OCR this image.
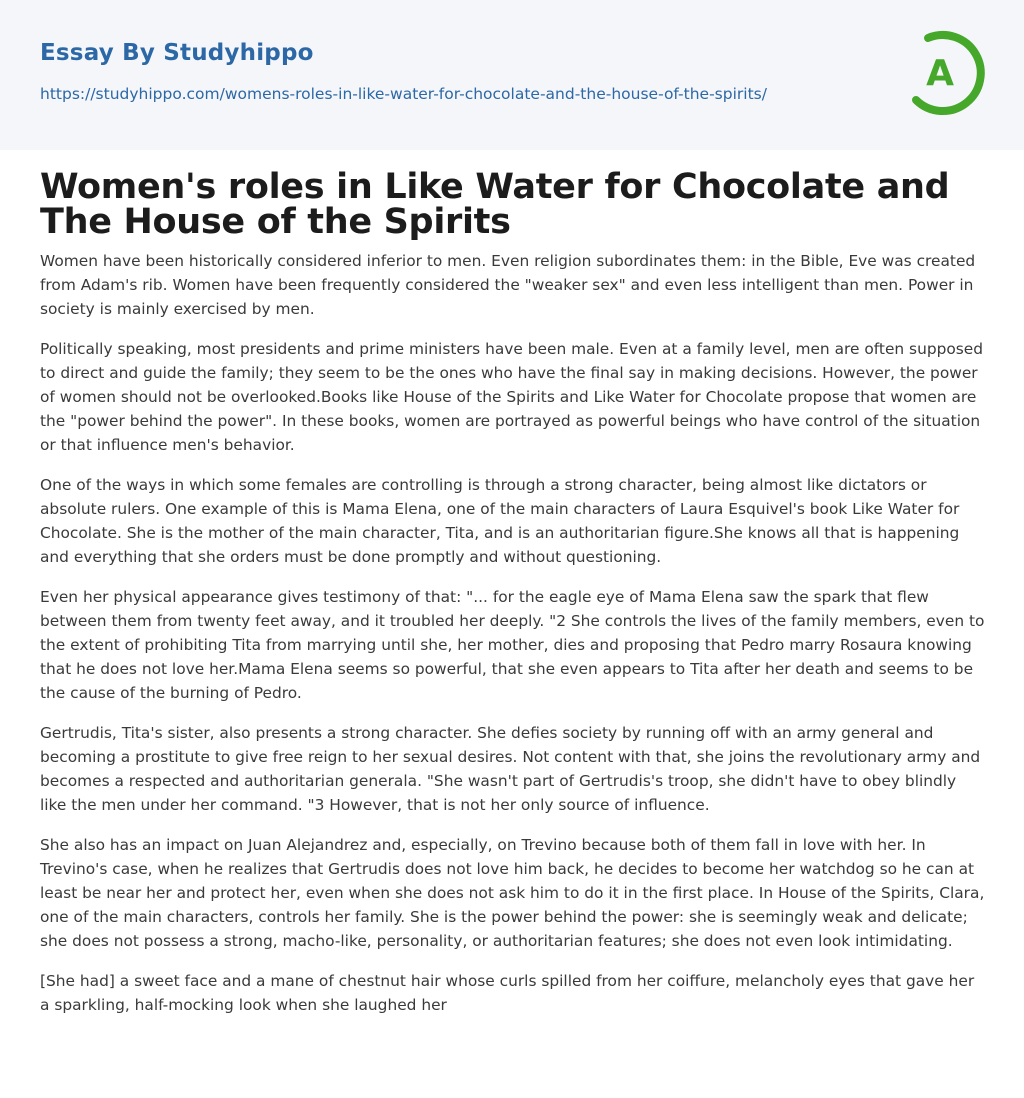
Essay By Studyhippo
https://studyhippo.com/womens-roles-in-like-water-for-chocolate-and-the-house-of-the-spirits/	A
Women's roles in Like Water for Chocolate and The House of the Spirits

Women have been historically considered inferior to men. Even religion subordinates them: in the Bible, Eve was created from Adam's rib. Women have been frequently considered the "weaker sex" and even less intelligent than men. Power in society is mainly exercised by men.

Politically speaking, most presidents and prime ministers have been male. Even at a family level, men are often supposed to direct and guide the family; they seem to be the ones who have the final say in making decisions. However, the power of women should not be overlooked.Books like House of the Spirits and Like Water for Chocolate propose that women are the "power behind the power". In these books, women are portrayed as powerful beings who have control of the situation or that influence men's behavior.

One of the ways in which some females are controlling is through a strong character, being almost like dictators or absolute rulers. One example of this is Mama Elena, one of the main characters of Laura Esquivel's book Like Water for Chocolate. She is the mother of the main character, Tita, and is an authoritarian figure.She knows all that is happening and everything that she orders must be done promptly and without questioning.

Even her physical appearance gives testimony of that: "... for the eagle eye of Mama Elena saw the spark that flew between them from twenty feet away, and it troubled her deeply. "2 She controls the lives of the family members, even to the extent of prohibiting Tita from marrying until she, her mother, dies and proposing that Pedro marry Rosaura knowing that he does not love her.Mama Elena seems so powerful, that she even appears to Tita after her death and seems to be the cause of the burning of Pedro.

Gertrudis, Tita's sister, also presents a strong character. She defies society by running off with an army general and becoming a prostitute to give free reign to her sexual desires. Not content with that, she joins the revolutionary army and becomes a respected and authoritarian generala. "She wasn't part of Gertrudis's troop, she didn't have to obey blindly like the men under her command. "3 However, that is not her only source of influence.

She also has an impact on Juan Alejandrez and, especially, on Trevino because both of them fall in love with her. In Trevino's case, when he realizes that Gertrudis does not love him back, he decides to become her watchdog so he can at least be near her and protect her, even when she does not ask him to do it in the first place. In House of the Spirits, Clara, one of the main characters, controls her family. She is the power behind the power: she is seemingly weak and delicate; she does not possess a strong, macho-like, personality, or authoritarian features; she does not even look intimidating.

[She had] a sweet face and a mane of chestnut hair whose curls spilled from her coiffure, melancholy eyes that gave her a sparkling, half-mocking look when she laughed her
